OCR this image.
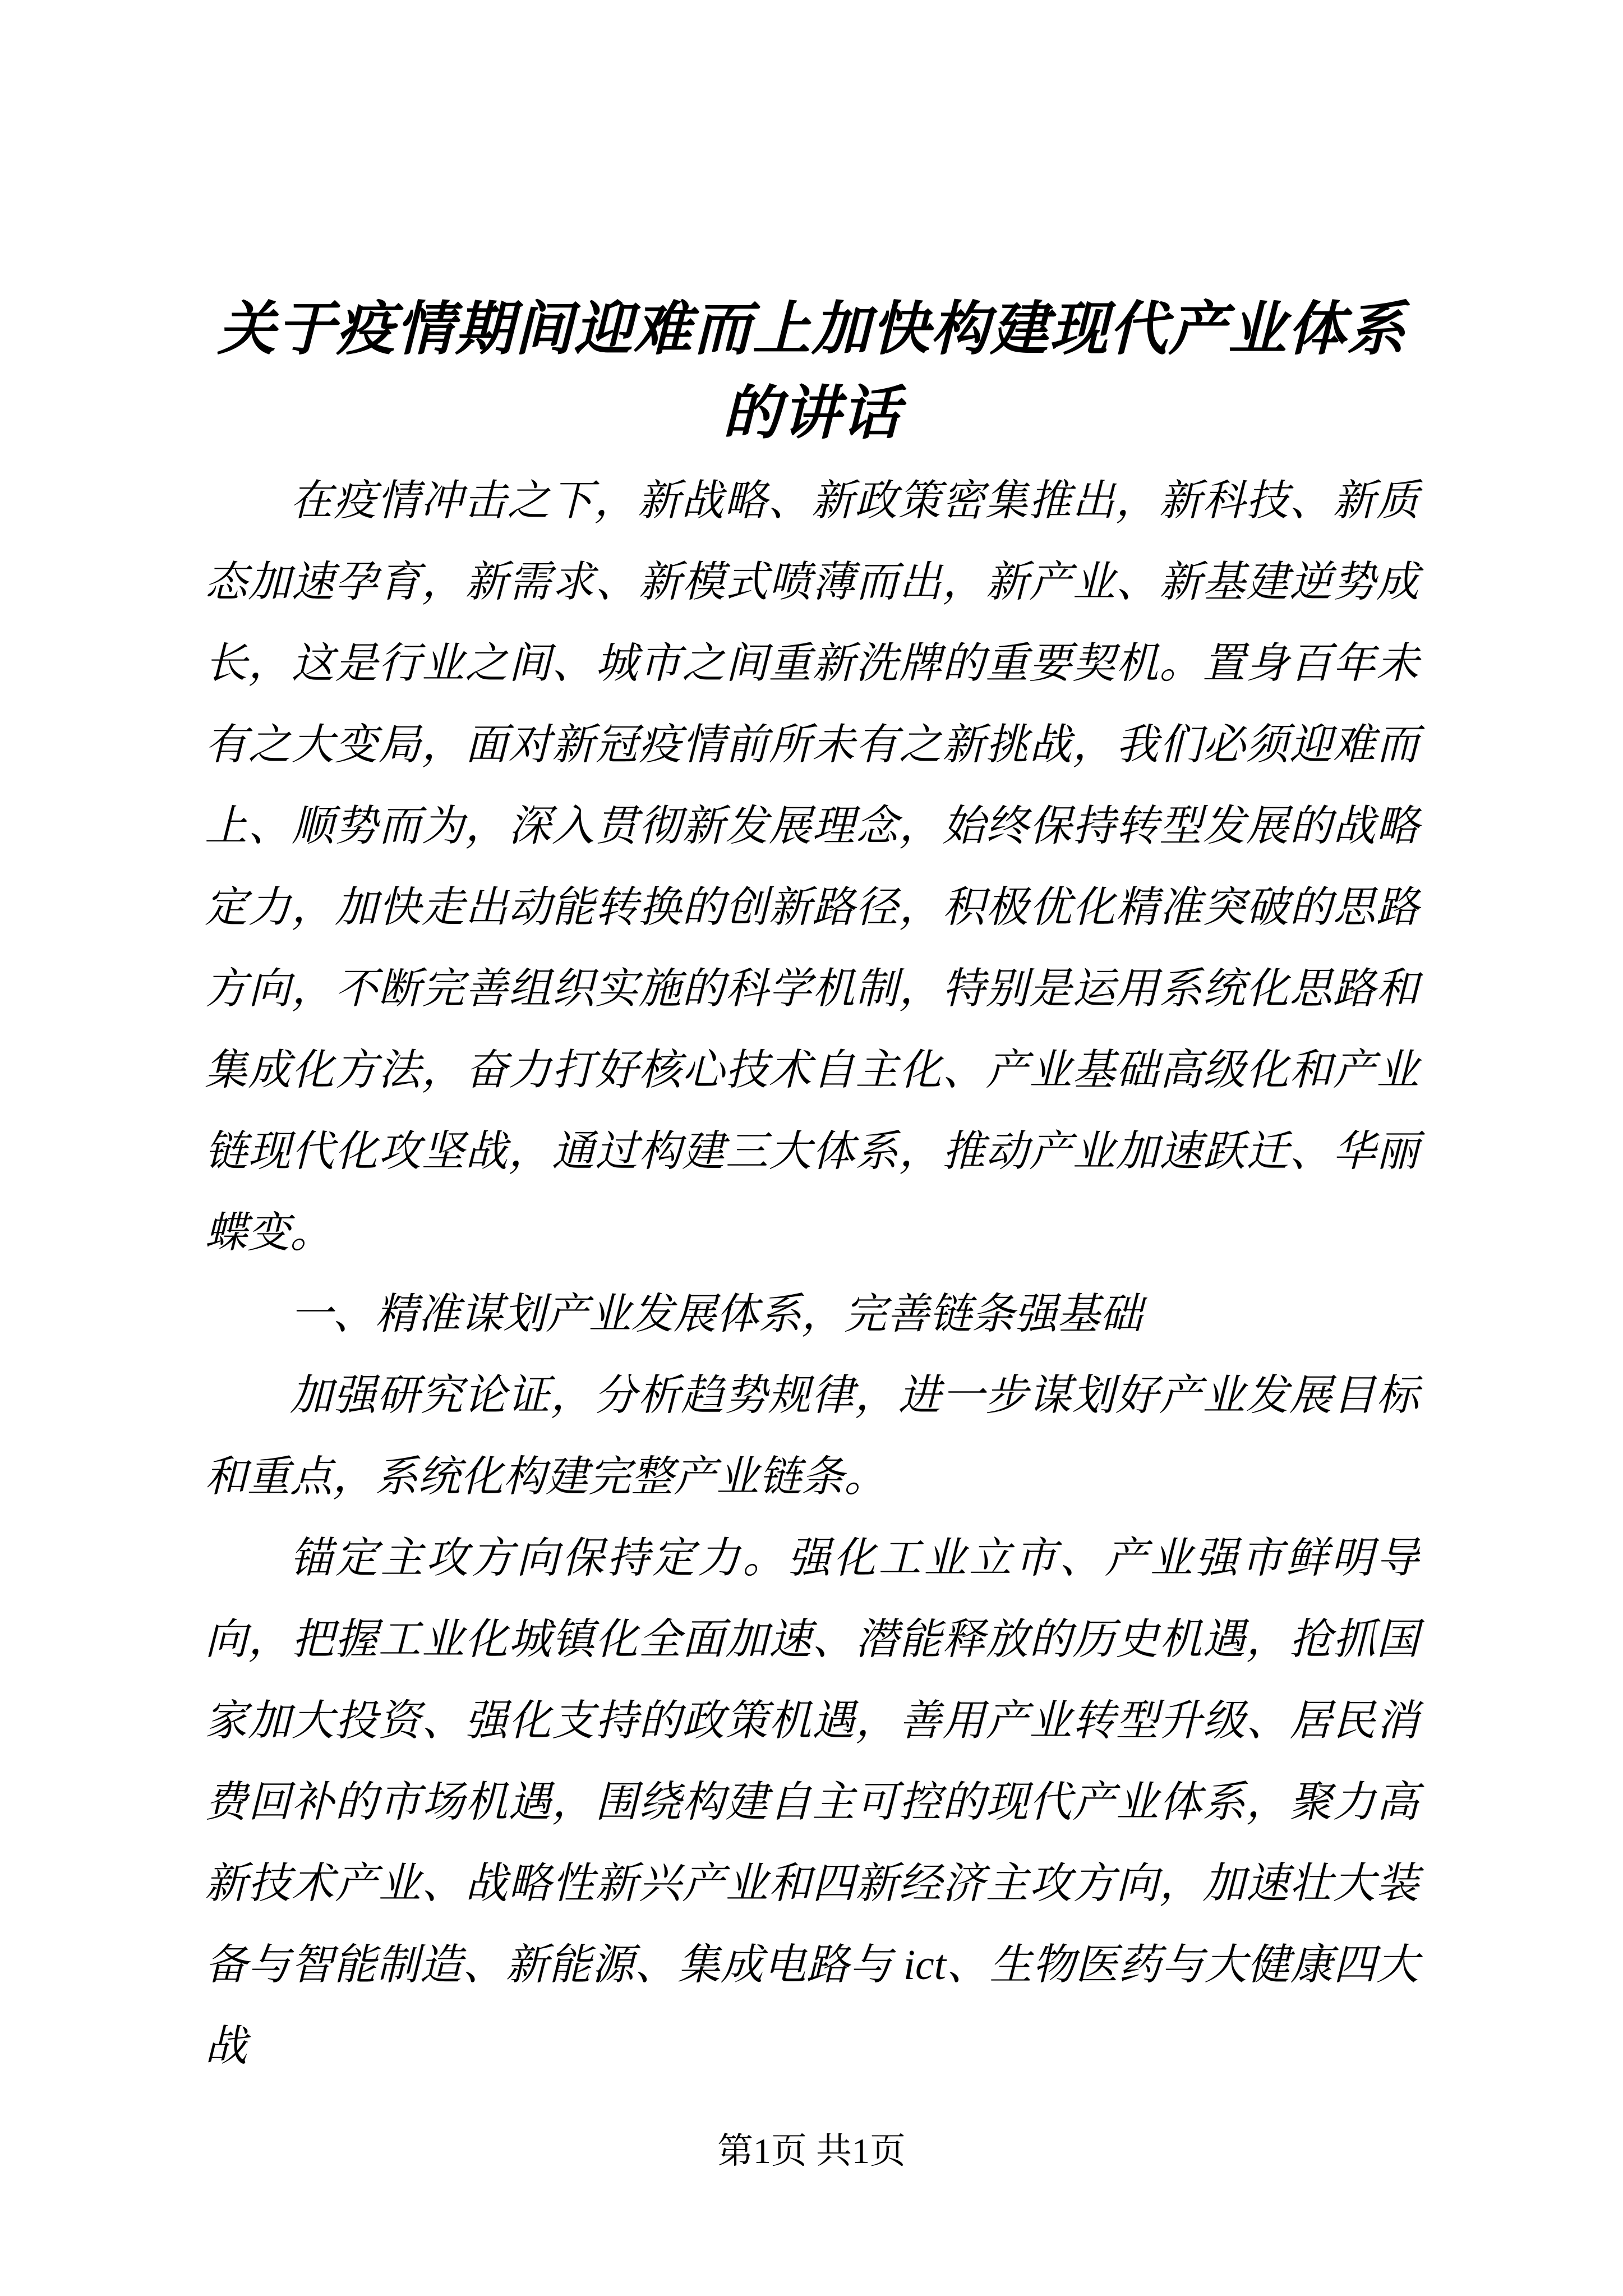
关于疫情期间迎难而上加快构建现代产业体系的讲话

在疫情冲击之下，新战略、新政策密集推出，新科技、新质态加速孕育，新需求、新模式喷薄而出，新产业、新基建逆势成长，这是行业之间、城市之间重新洗牌的重要契机。置身百年未有之大变局，面对新冠疫情前所未有之新挑战，我们必须迎难而上、顺势而为，深入贯彻新发展理念，始终保持转型发展的战略定力，加快走出动能转换的创新路径，积极优化精准突破的思路方向，不断完善组织实施的科学机制，特别是运用系统化思路和集成化方法，奋力打好核心技术自主化、产业基础高级化和产业链现代化攻坚战，通过构建三大体系，推动产业加速跃迁、华丽蝶变。

一、精准谋划产业发展体系，完善链条强基础

加强研究论证，分析趋势规律，进一步谋划好产业发展目标和重点，系统化构建完整产业链条。

锚定主攻方向保持定力。强化工业立市、产业强市鲜明导向，把握工业化城镇化全面加速、潜能释放的历史机遇，抢抓国家加大投资、强化支持的政策机遇，善用产业转型升级、居民消费回补的市场机遇，围绕构建自主可控的现代产业体系，聚力高新技术产业、战略性新兴产业和四新经济主攻方向，加速壮大装备与智能制造、新能源、集成电路与 ict、生物医药与大健康四大战

第1页 共1页
